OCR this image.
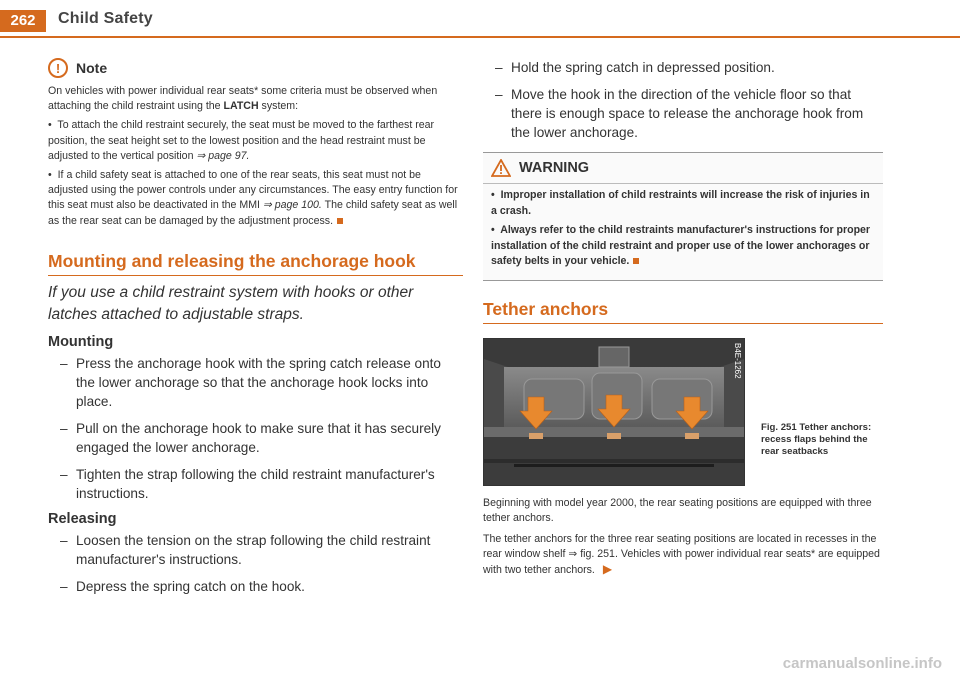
262	Child Safety
!	Note

On vehicles with power individual rear seats* some criteria must be observed when attaching the child restraint using the LATCH system:

•  To attach the child restraint securely, the seat must be moved to the farthest rear position, the seat height set to the lowest position and the head restraint must be adjusted to the vertical position ⇒ page 97.

•  If a child safety seat is attached to one of the rear seats, this seat must not be adjusted using the power controls under any circumstances. The easy entry function for this seat must also be deactivated in the MMI ⇒ page 100. The child safety seat as well as the rear seat can be damaged by the adjustment process.

Mounting and releasing the anchorage hook

If you use a child restraint system with hooks or other latches attached to adjustable straps.

Mounting
– Press the anchorage hook with the spring catch release onto the lower anchorage so that the anchorage hook locks into place.
– Pull on the anchorage hook to make sure that it has securely engaged the lower anchorage.
– Tighten the strap following the child restraint manufacturer's instructions.
Releasing
– Loosen the tension on the strap following the child restraint manufacturer's instructions.
– Depress the spring catch on the hook.
– Hold the spring catch in depressed position.
– Move the hook in the direction of the vehicle floor so that there is enough space to release the anchorage hook from the lower anchorage.
WARNING

•  Improper installation of child restraints will increase the risk of injuries in a crash.

•  Always refer to the child restraints manufacturer's instructions for proper installation of the child restraint and proper use of the lower anchorages or safety belts in your vehicle.

Tether anchors
B4E-1262
Fig. 251 Tether anchors: recess flaps behind the rear seatbacks

Beginning with model year 2000, the rear seating positions are equipped with three tether anchors.

The tether anchors for the three rear seating positions are located in recesses in the rear window shelf ⇒ fig. 251. Vehicles with power individual rear seats* are equipped with two tether anchors. ▶

carmanualsonline.info
